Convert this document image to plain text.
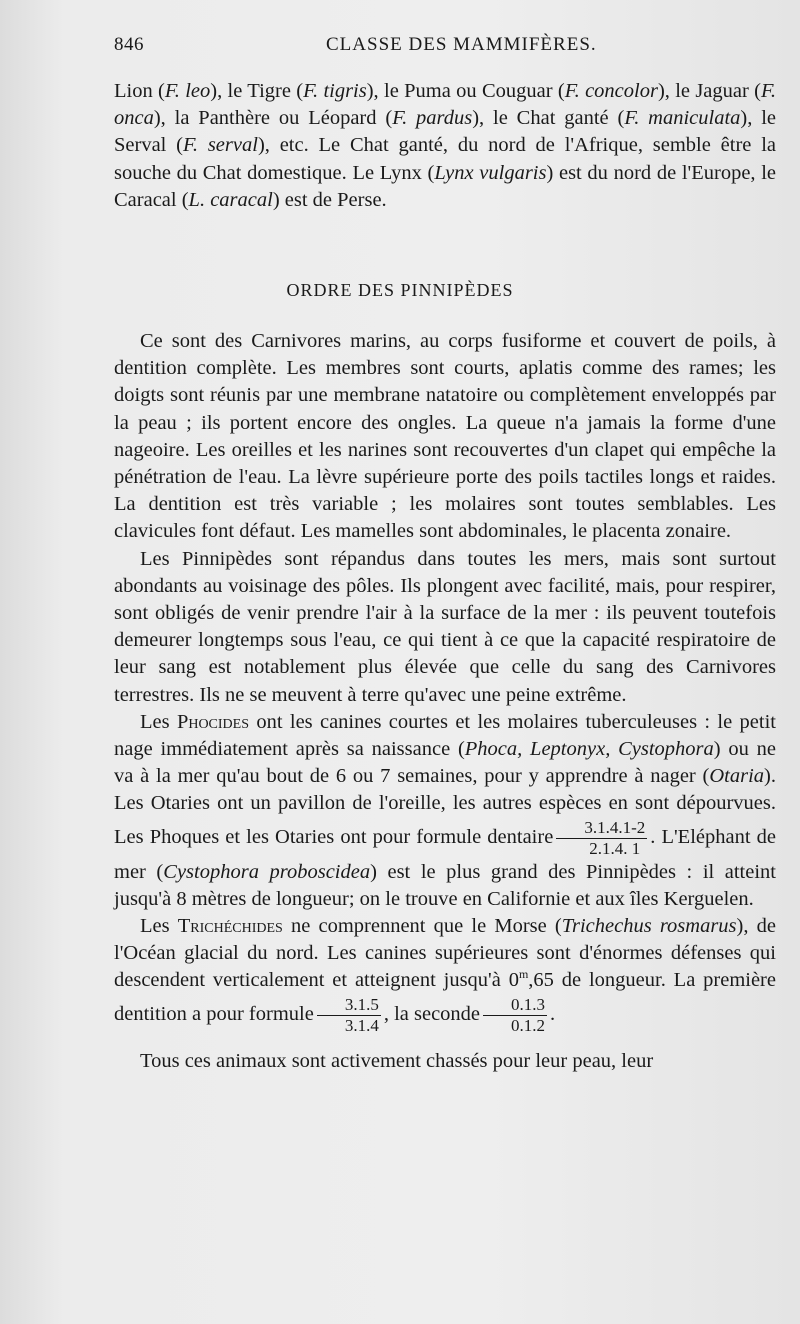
846	CLASSE DES MAMMIFÈRES.

Lion (F. leo), le Tigre (F. tigris), le Puma ou Couguar (F. concolor), le Jaguar (F. onca), la Panthère ou Léopard (F. pardus), le Chat ganté (F. maniculata), le Serval (F. serval), etc. Le Chat ganté, du nord de l'Afrique, semble être la souche du Chat domestique. Le Lynx (Lynx vulgaris) est du nord de l'Europe, le Caracal (L. caracal) est de Perse.

ORDRE DES PINNIPÈDES

Ce sont des Carnivores marins, au corps fusiforme et couvert de poils, à dentition complète. Les membres sont courts, aplatis comme des rames; les doigts sont réunis par une membrane natatoire ou complètement enveloppés par la peau ; ils portent encore des ongles. La queue n'a jamais la forme d'une nageoire. Les oreilles et les narines sont recouvertes d'un clapet qui empêche la pénétration de l'eau. La lèvre supérieure porte des poils tactiles longs et raides. La dentition est très variable ; les molaires sont toutes semblables. Les clavicules font défaut. Les mamelles sont abdominales, le placenta zonaire.

Les Pinnipèdes sont répandus dans toutes les mers, mais sont surtout abondants au voisinage des pôles. Ils plongent avec facilité, mais, pour respirer, sont obligés de venir prendre l'air à la surface de la mer : ils peuvent toutefois demeurer longtemps sous l'eau, ce qui tient à ce que la capacité respiratoire de leur sang est notablement plus élevée que celle du sang des Carnivores terrestres. Ils ne se meuvent à terre qu'avec une peine extrême.

Les Phocides ont les canines courtes et les molaires tuberculeuses : le petit nage immédiatement après sa naissance (Phoca, Leptonyx, Cystophora) ou ne va à la mer qu'au bout de 6 ou 7 semaines, pour y apprendre à nager (Otaria). Les Otaries ont un pavillon de l'oreille, les autres espèces en sont dépourvues. Les Phoques et les Otaries ont pour formule dentaire $\frac{3.1.4.1-2}{2.1.4. 1}$ . L'Eléphant de mer (Cystophora proboscidea) est le plus grand des Pinnipèdes : il atteint jusqu'à 8 mètres de longueur; on le trouve en Californie et aux îles Kerguelen.

Les Trichéchides ne comprennent que le Morse (Trichechus rosmarus), de l'Océan glacial du nord. Les canines supérieures sont d'énormes défenses qui descendent verticalement et atteignent jusqu'à 0$^m$,65 de longueur. La première dentition a pour formule $\frac{3.1.5}{3.1.4}$ , la seconde $\frac{0.1.3}{0.1.2}$ .

Tous ces animaux sont activement chassés pour leur peau, leur
